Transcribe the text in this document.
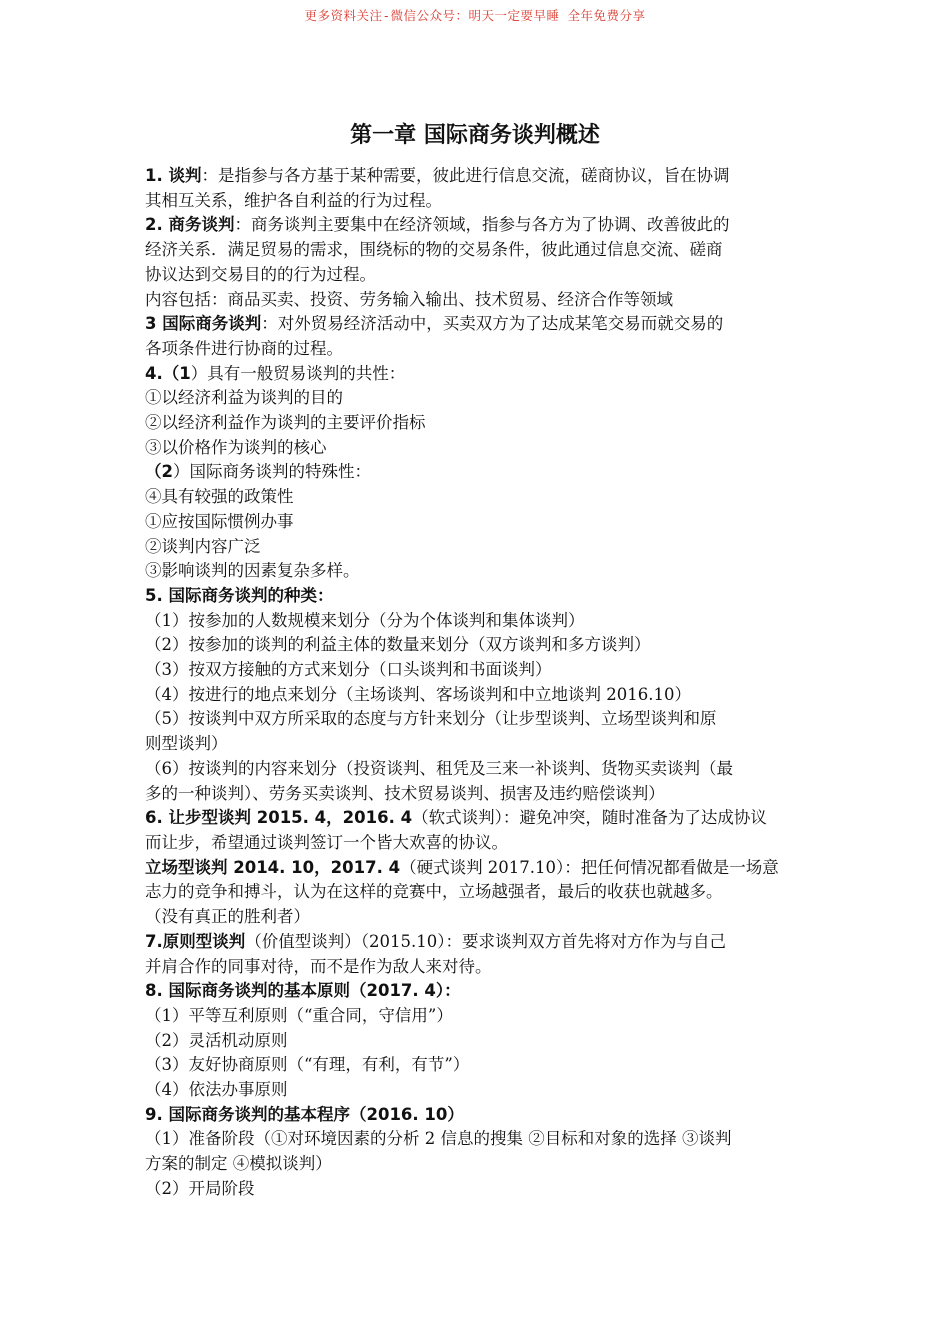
更多资料关注-微信公众号：明天一定要早睡 全年免费分享
第一章 国际商务谈判概述
1. 谈判：是指参与各方基于某种需要，彼此进行信息交流，磋商协议，旨在协调
其相互关系，维护各自利益的行为过程。
2. 商务谈判：商务谈判主要集中在经济领域，指参与各方为了协调、改善彼此的
经济关系．满足贸易的需求，围绕标的物的交易条件，彼此通过信息交流、磋商
协议达到交易目的的行为过程。
内容包括：商品买卖、投资、劳务输入输出、技术贸易、经济合作等领域
3 国际商务谈判：对外贸易经济活动中，买卖双方为了达成某笔交易而就交易的
各项条件进行协商的过程。
4.（1）具有一般贸易谈判的共性：
①以经济利益为谈判的目的
②以经济利益作为谈判的主要评价指标
③以价格作为谈判的核心
（2）国际商务谈判的特殊性：
④具有较强的政策性
①应按国际惯例办事
②谈判内容广泛
③影响谈判的因素复杂多样。
5. 国际商务谈判的种类：
（1）按参加的人数规模来划分（分为个体谈判和集体谈判）
（2）按参加的谈判的利益主体的数量来划分（双方谈判和多方谈判）
（3）按双方接触的方式来划分（口头谈判和书面谈判）
（4）按进行的地点来划分（主场谈判、客场谈判和中立地谈判 2016.10）
（5）按谈判中双方所采取的态度与方针来划分（让步型谈判、立场型谈判和原
则型谈判）
（6）按谈判的内容来划分（投资谈判、租凭及三来一补谈判、货物买卖谈判（最
多的一种谈判）、劳务买卖谈判、技术贸易谈判、损害及违约赔偿谈判）
6. 让步型谈判 2015. 4，2016. 4（软式谈判）：避免冲突，随时准备为了达成协议
而让步，希望通过谈判签订一个皆大欢喜的协议。
立场型谈判 2014. 10，2017. 4（硬式谈判 2017.10）：把任何情况都看做是一场意
志力的竞争和搏斗，认为在这样的竞赛中，立场越强者，最后的收获也就越多。
（没有真正的胜利者）
7.原则型谈判（价值型谈判）（2015.10）：要求谈判双方首先将对方作为与自己
并肩合作的同事对待，而不是作为敌人来对待。
8. 国际商务谈判的基本原则（2017. 4）：
（1）平等互利原则（“重合同，守信用”）
（2）灵活机动原则
（3）友好协商原则（“有理，有利，有节”）
（4）依法办事原则
9. 国际商务谈判的基本程序（2016. 10）
（1）准备阶段（①对环境因素的分析 2 信息的搜集 ②目标和对象的选择 ③谈判
方案的制定 ④模拟谈判）
（2）开局阶段
